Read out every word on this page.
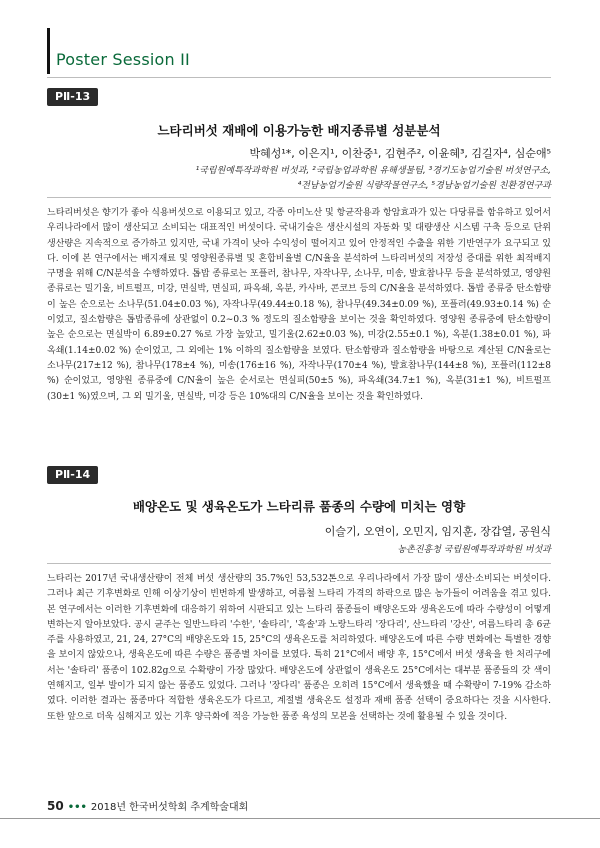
Poster Session II
PⅡ-13
느타리버섯 재배에 이용가능한 배지종류별 성분분석
박혜성¹*, 이은지¹, 이찬중¹, 김현주², 이윤혜³, 김길자⁴, 심순애⁵
¹국립원예특작과학원 버섯과, ²국립농업과학원 유해생물팀, ³경기도농업기술원 버섯연구소,
⁴전남농업기술원 식량작물연구소, ⁵경남농업기술원 친환경연구과
느타리버섯은 향기가 좋아 식용버섯으로 이용되고 있고, 각종 아미노산 및 항균작용과 항암효과가 있는 다당류를 함유하고 있어서 우리나라에서 많이 생산되고 소비되는 대표적인 버섯이다. 국내기술은 생산시설의 자동화 및 대량생산 시스템 구축 등으로 단위 생산량은 지속적으로 증가하고 있지만, 국내 가격이 낮아 수익성이 떨어지고 있어 안정적인 수출을 위한 기반연구가 요구되고 있다. 이에 본 연구에서는 배지재료 및 영양원종류별 및 혼합비율별 C/N율을 분석하여 느타리버섯의 저장성 증대를 위한 최적배지 구명을 위해 C/N분석을 수행하였다. 톱밥 종류로는 포플러, 참나무, 자작나무, 소나무, 미송, 발효참나무 등을 분석하였고, 영양원 종류로는 밀기울, 비트펄프, 미강, 면실박, 면실피, 파옥쇄, 옥분, 카사바, 콘코브 등의 C/N율을 분석하였다. 톱밥 종류중 탄소함량이 높은 순으로는 소나무(51.04±0.03 %), 자작나무(49.44±0.18 %), 참나무(49.34±0.09 %), 포플러(49.93±0.14 %) 순이었고, 질소함량은 톱밥종류에 상관없이 0.2∼0.3 % 정도의 질소함량을 보이는 것을 확인하였다. 영양원 종류중에 탄소함량이 높은 순으로는 면실박이 6.89±0.27 %로 가장 높았고, 밀기울(2.62±0.03 %), 미강(2.55±0.1 %), 옥분(1.38±0.01 %), 파옥쇄(1.14±0.02 %) 순이었고, 그 외에는 1% 이하의 질소함량을 보였다. 탄소함량과 질소함량을 바탕으로 계산된 C/N율로는 소나무(217±12 %), 참나무(178±4 %), 미송(176±16 %), 자작나무(170±4 %), 발효참나무(144±8 %), 포플러(112±8 %) 순이었고, 영양원 종류중에 C/N율이 높은 순서로는 면실피(50±5 %), 파옥쇄(34.7±1 %), 옥분(31±1 %), 비트펄프(30±1 %)였으며, 그 외 밀기울, 면실박, 미강 등은 10%대의 C/N율을 보이는 것을 확인하였다.
PⅡ-14
배양온도 및 생육온도가 느타리류 품종의 수량에 미치는 영향
이슬기, 오연이, 오민지, 임지훈, 장갑열, 공원식
농촌진흥청 국립원예특작과학원 버섯과
느타리는 2017년 국내생산량이 전체 버섯 생산량의 35.7%인 53,532톤으로 우리나라에서 가장 많이 생산·소비되는 버섯이다. 그러나 최근 기후변화로 인해 이상기상이 빈번하게 발생하고, 여름철 느타리 가격의 하락으로 많은 농가들이 어려움을 겪고 있다. 본 연구에서는 이러한 기후변화에 대응하기 위하여 시판되고 있는 느타리 품종들이 배양온도와 생육온도에 따라 수량성이 어떻게 변하는지 알아보았다. 공시 균주는 일반느타리 '수한', '솔타리', '흑솔'과 노랑느타리 '장다리', 산느타리 '강산', 여름느타리 총 6균주를 사용하였고, 21, 24, 27°C의 배양온도와 15, 25°C의 생육온도를 처리하였다. 배양온도에 따른 수량 변화에는 특별한 경향을 보이지 않았으나, 생육온도에 따른 수량은 품종별 차이를 보였다. 특히 21°C에서 배양 후, 15°C에서 버섯 생육을 한 처리구에서는 '솔타리' 품종이 102.82g으로 수확량이 가장 많았다. 배양온도에 상관없이 생육온도 25°C에서는 대부분 품종들의 갓 색이 연해지고, 일부 발이가 되지 않는 품종도 있었다. 그러나 '장다리' 품종은 오히려 15°C에서 생육했을 때 수확량이 7-19% 감소하였다. 이러한 결과는 품종마다 적합한 생육온도가 다르고, 계절별 생육온도 설정과 재배 품종 선택이 중요하다는 것을 시사한다. 또한 앞으로 더욱 심해지고 있는 기후 양극화에 적응 가능한 품종 육성의 모본을 선택하는 것에 활용될 수 있을 것이다.
50 ••• 2018년 한국버섯학회 추계학술대회
